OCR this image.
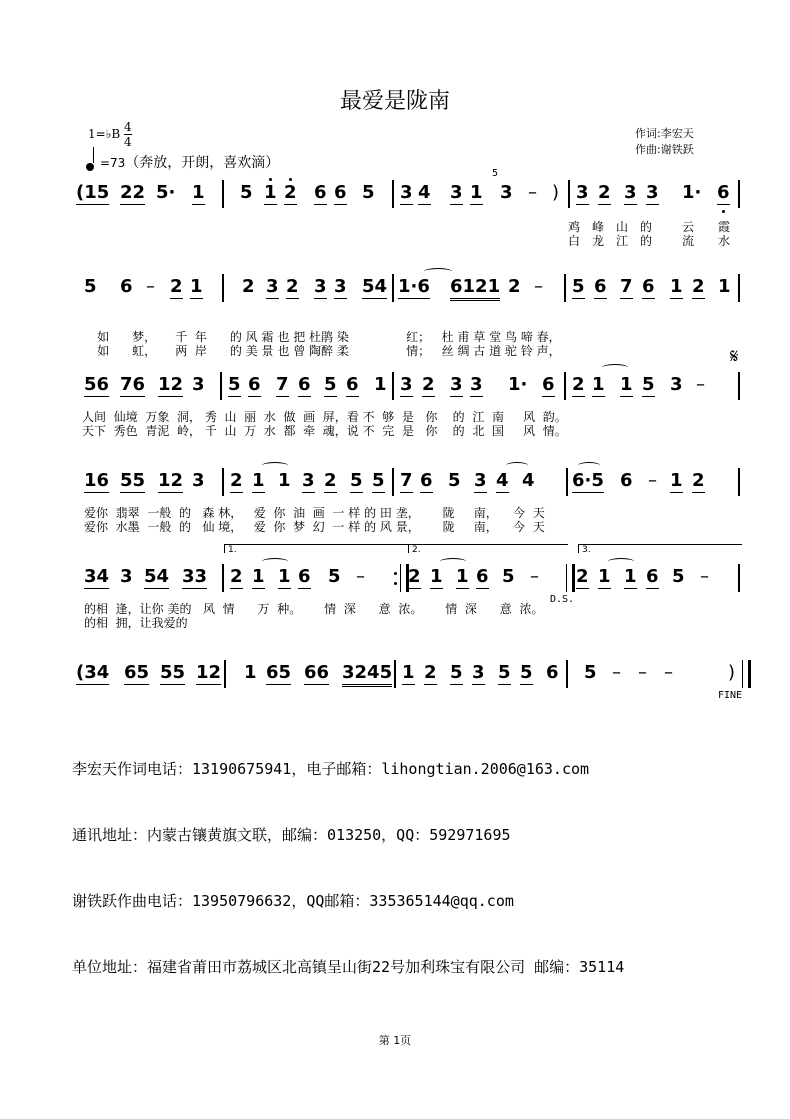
最爱是陇南
作词:李宏天
作曲:谢铁跃
1=♭B $\frac{4}{4}$
=73（奔放，开朗，喜欢滴）
(15 22 5· 1 5 1 2 6 6 5 3 4 3 1
5
3 – ) 3 2 3 3 1· 6
鸡 峰 山 的 云 霞
白 龙 江 的 流 水
5 6 – 2 1 2 3 2 3 3 54 1·6 6121 2 – 5 6 7 6 1 2 1

如 梦， 千 年 的 风 霜 也 把 杜鹃 染	红； 杜 甫 草 堂 鸟 啼 春，

如 虹， 两 岸 的 美 景 也 曾 陶醉 柔	情； 丝 绸 古 道 驼 铃 声，

56 76 12 3 5 6 7 6 5 6 1 3 2 3 3 1· 6 2 1 1 5 3 –
𝄋
人间 仙境 万象 洞， 秀 山 丽 水 做 画 屏，看 不 够 是 你 的 江 南 风 韵。
天下 秀色 青泥 岭， 千 山 万 水 都 牵 魂，说 不 完 是 你 的 北 国 风 情。
16 55 12 3 2 1 1 3 2 5 5 7 6 5 3 4 4 6·5 6 – 1 2
爱你 翡翠 一般 的 森 林， 爱 你 油 画 一 样 的 田 垄， 陇 南， 今 天
爱你 水墨 一般 的 仙 境， 爱 你 梦 幻 一 样 的 风 景， 陇 南， 今 天
1.	2.	3.
34 3 54 33 2 1 1 6 5 – 2 1 1 6 5 –
D.S.
2 1 1 6 5 –
的相 逢，让你 美的 风 情 万 种。 情 深 意 浓。 情 深 意 浓。
的相 拥，让我爱的
(34 65 55 12 1 65 66 3245 1 2 5 3 5 5 6 5 – – –	)
FINE

李宏天作词电话：13190675941，电子邮箱：lihongtian.2006@163.com

通讯地址：内蒙古镶黄旗文联，邮编：013250，QQ：592971695

谢铁跃作曲电话：13950796632，QQ邮箱：335365144@qq.com

单位地址：福建省莆田市荔城区北高镇呈山街22号加利珠宝有限公司 邮编：35114

第 1页
